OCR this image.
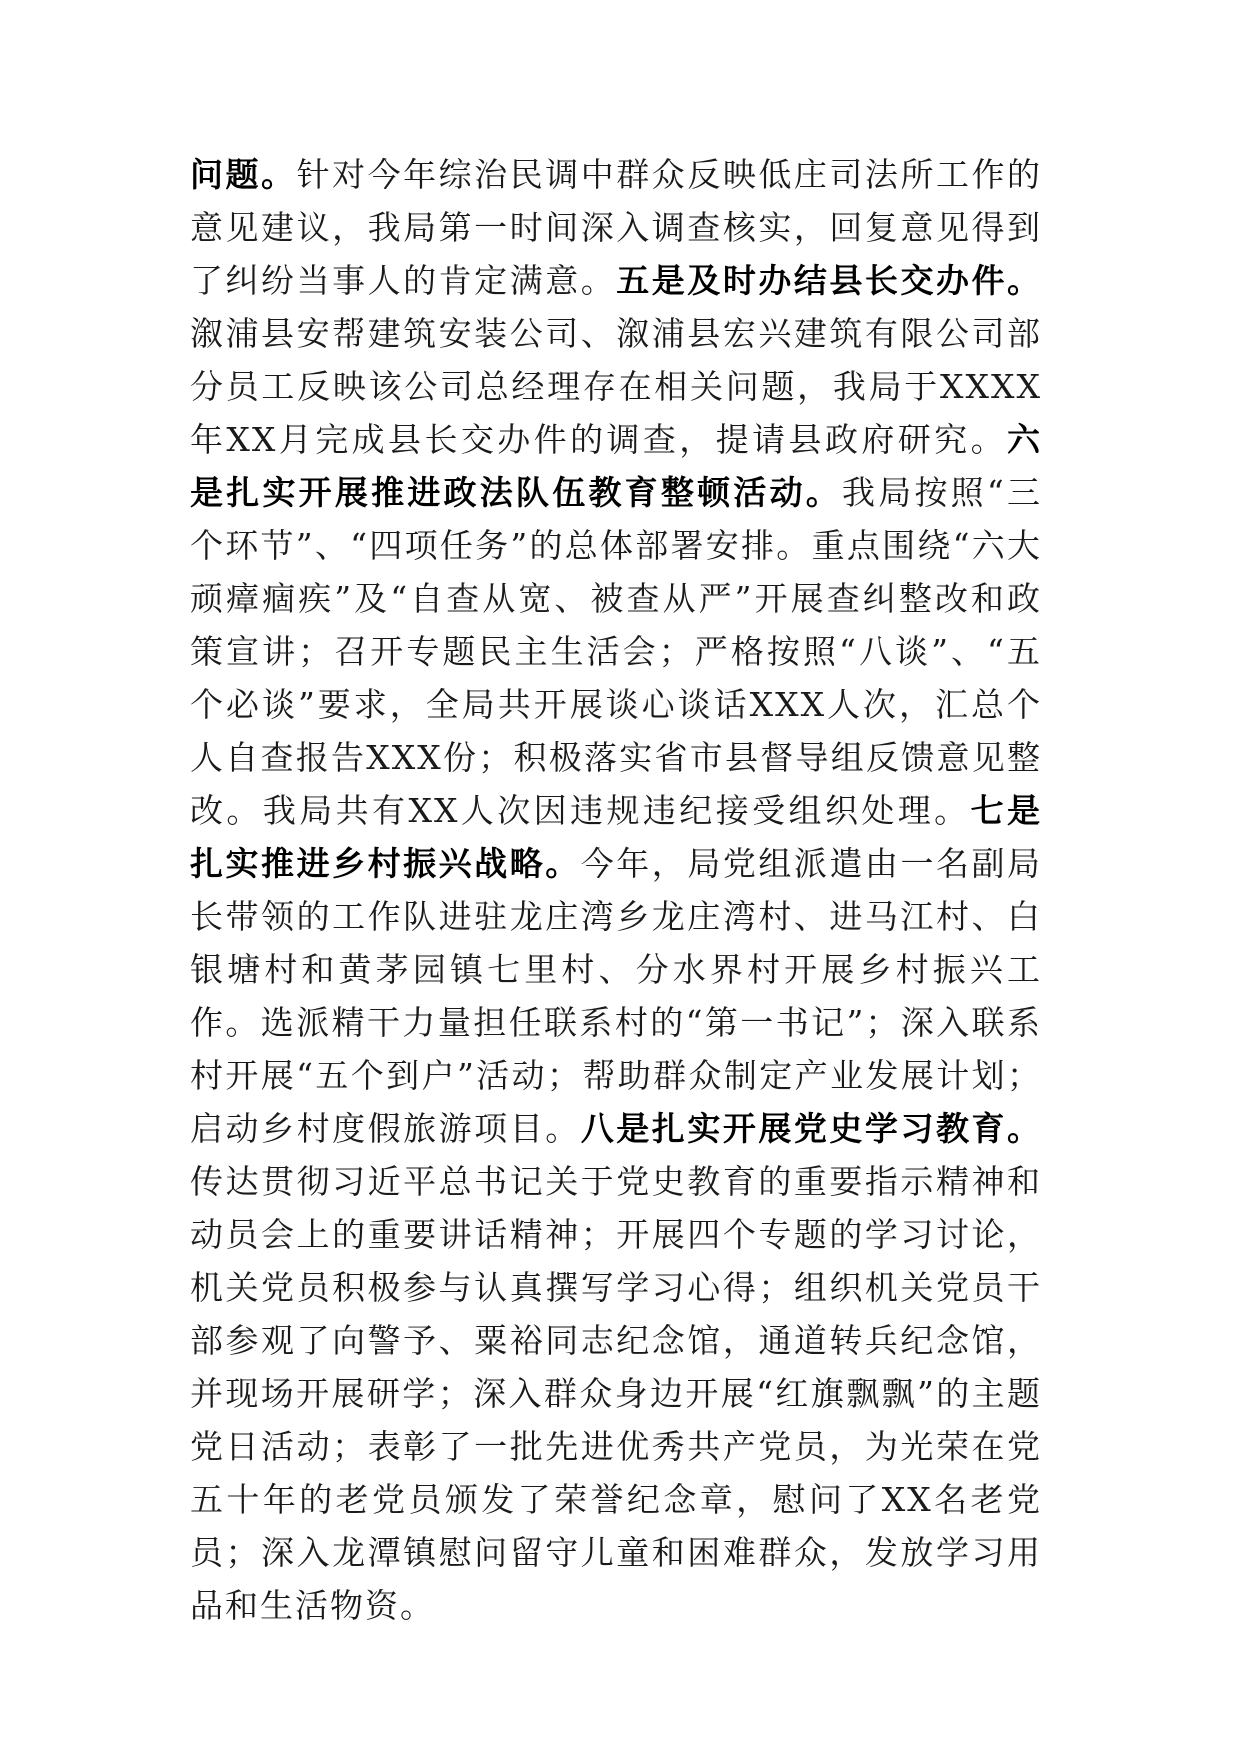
问题。针对今年综治民调中群众反映低庄司法所工作的意见建议，我局第一时间深入调查核实，回复意见得到了纠纷当事人的肯定满意。五是及时办结县长交办件。溆浦县安帮建筑安装公司、溆浦县宏兴建筑有限公司部分员工反映该公司总经理存在相关问题，我局于XXXX年XX月完成县长交办件的调查，提请县政府研究。六是扎实开展推进政法队伍教育整顿活动。我局按照“三个环节”、“四项任务”的总体部署安排。重点围绕“六大顽瘴痼疾”及“自查从宽、被查从严”开展查纠整改和政策宣讲；召开专题民主生活会；严格按照“八谈”、“五个必谈”要求，全局共开展谈心谈话XXX人次，汇总个人自查报告XXX份；积极落实省市县督导组反馈意见整改。我局共有XX人次因违规违纪接受组织处理。七是扎实推进乡村振兴战略。今年，局党组派遣由一名副局长带领的工作队进驻龙庄湾乡龙庄湾村、进马江村、白银塘村和黄茅园镇七里村、分水界村开展乡村振兴工作。选派精干力量担任联系村的“第一书记”；深入联系村开展“五个到户”活动；帮助群众制定产业发展计划；启动乡村度假旅游项目。八是扎实开展党史学习教育。传达贯彻习近平总书记关于党史教育的重要指示精神和动员会上的重要讲话精神；开展四个专题的学习讨论，机关党员积极参与认真撰写学习心得；组织机关党员干部参观了向警予、粟裕同志纪念馆，通道转兵纪念馆，并现场开展研学；深入群众身边开展“红旗飘飘”的主题党日活动；表彰了一批先进优秀共产党员，为光荣在党五十年的老党员颁发了荣誉纪念章，慰问了XX名老党员；深入龙潭镇慰问留守儿童和困难群众，发放学习用品和生活物资。
